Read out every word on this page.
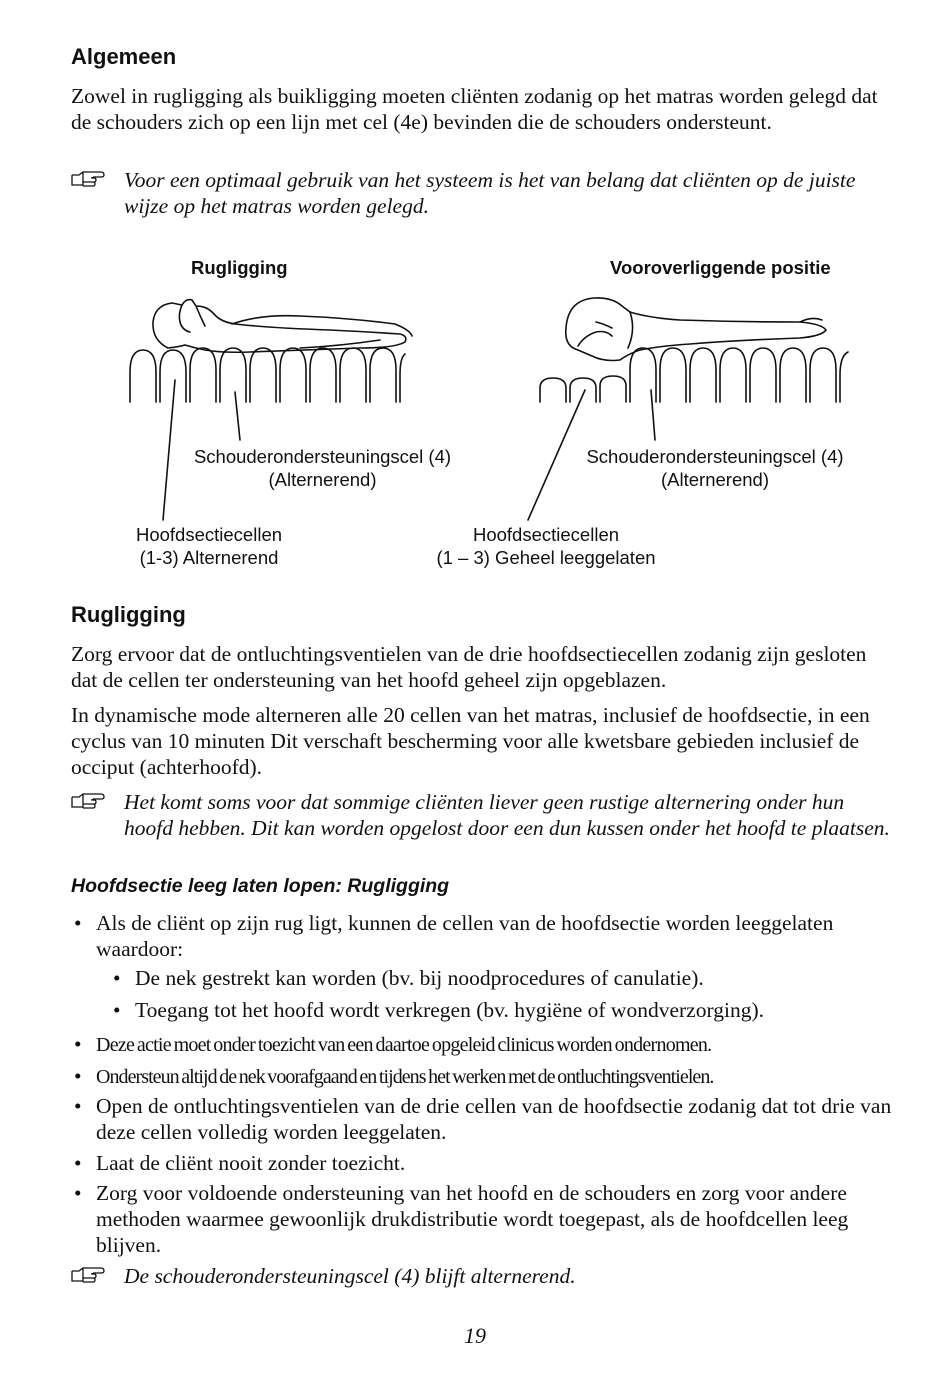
Algemeen

Zowel in rugligging als buikligging moeten cliënten zodanig op het matras worden gelegd dat de schouders zich op een lijn met cel (4e) bevinden die de schouders ondersteunt.

Voor een optimaal gebruik van het systeem is het van belang dat cliënten op de juiste wijze op het matras worden gelegd.
Rugligging	Vooroverliggende positie
Schouderondersteuningscel (4)
(Alternerend)
Schouderondersteuningscel (4)
(Alternerend)
Hoofdsectiecellen
(1-3) Alternerend
Hoofdsectiecellen
(1 – 3) Geheel leeggelaten
Rugligging

Zorg ervoor dat de ontluchtingsventielen van de drie hoofdsectiecellen zodanig zijn gesloten dat de cellen ter ondersteuning van het hoofd geheel zijn opgeblazen.

In dynamische mode alterneren alle 20 cellen van het matras, inclusief de hoofdsectie, in een cyclus van 10 minuten Dit verschaft bescherming voor alle kwetsbare gebieden inclusief de occiput (achterhoofd).

Het komt soms voor dat sommige cliënten liever geen rustige alternering onder hun hoofd hebben. Dit kan worden opgelost door een dun kussen onder het hoofd te plaatsen.
Hoofdsectie leeg laten lopen: Rugligging
• Als de cliënt op zijn rug ligt, kunnen de cellen van de hoofdsectie worden leeggelaten waardoor:
• De nek gestrekt kan worden (bv. bij noodprocedures of canulatie).
• Toegang tot het hoofd wordt verkregen (bv. hygiëne of wondverzorging).
• Deze actie moet onder toezicht van een daartoe opgeleid clinicus worden ondernomen.
• Ondersteun altijd de nek voorafgaand en tijdens het werken met de ontluchtingsventielen.
• Open de ontluchtingsventielen van de drie cellen van de hoofdsectie zodanig dat tot drie van deze cellen volledig worden leeggelaten.
• Laat de cliënt nooit zonder toezicht.
• Zorg voor voldoende ondersteuning van het hoofd en de schouders en zorg voor andere methoden waarmee gewoonlijk drukdistributie wordt toegepast, als de hoofdcellen leeg blijven.
De schouderondersteuningscel (4) blijft alternerend.
19
